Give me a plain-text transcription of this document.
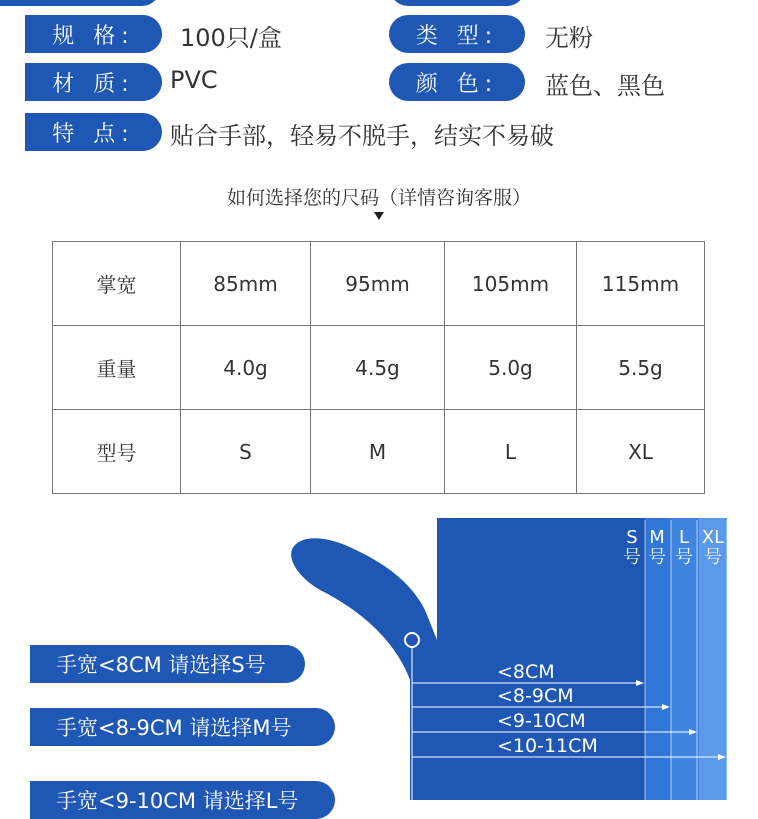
规 格:	100只/盒	类 型:	无粉
材 质:	PVC	颜 色:	蓝色、黑色
特 点:	贴合手部，轻易不脱手，结实不易破
如何选择您的尺码（详情咨询客服）
掌宽	85mm	95mm	105mm	115mm
重量	4.0g	4.5g	5.0g	5.5g
型号	S	M	L	XL
S
号
M
号
L
号
XL
号
<8CM
<8-9CM
<9-10CM
<10-11CM
手宽<8CM 请选择S号
手宽<8-9CM 请选择M号
手宽<9-10CM 请选择L号
